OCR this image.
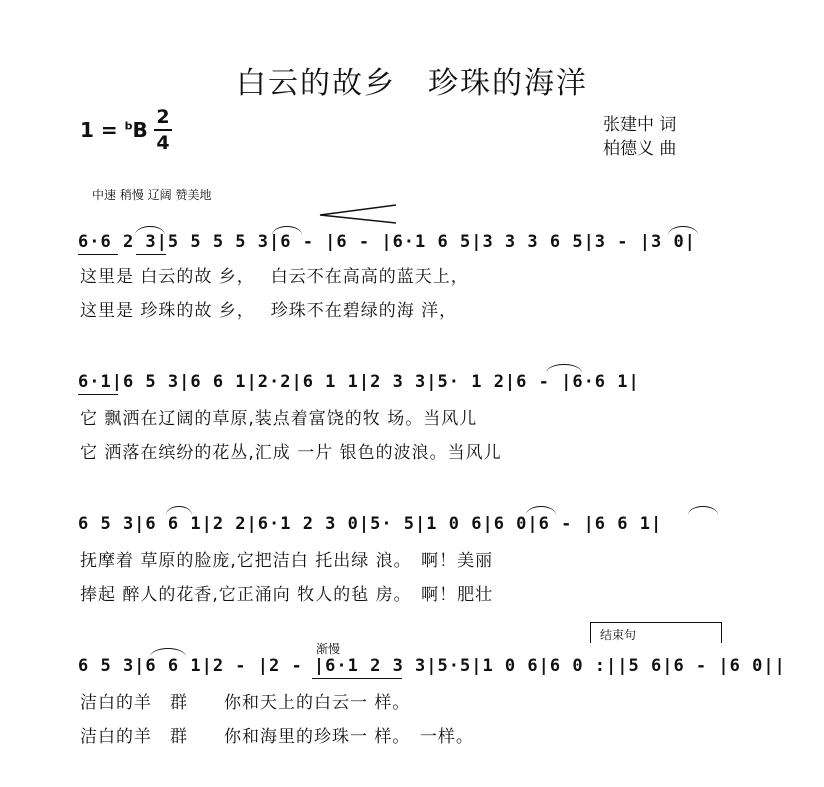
白云的故乡　珍珠的海洋
1 = $^b$B
2
4
张建中 词
柏德义 曲
中速 稍慢 辽阔 赞美地
6·6 2 3|5 5 5 5 3|6 - |6 - |6·1 6 5|3 3 3 6 5|3 - |3 0|
这里是 白云的故 乡，　 白云不在高高的蓝天上，
这里是 珍珠的故 乡，　 珍珠不在碧绿的海 洋，
6·1|6 5 3|6 6 1|2·2|6 1 1|2 3 3|5· 1 2|6 - |6·6 1|
它 飘洒在辽阔的草原,装点着富饶的牧 场。当风儿
它 洒落在缤纷的花丛,汇成 一片 银色的波浪。当风儿
6 5 3|6 6 1|2 2|6·1 2 3 0|5· 5|1 0 6|6 0|6 - |6 6 1|
抚摩着 草原的脸庞,它把洁白 托出绿 浪。　啊！美丽
捧起 醉人的花香,它正涌向 牧人的毡 房。　啊！肥壮
渐慢
结束句
6 5 3|6 6 1|2 - |2 - |6·1 2 3 3|5·5|1 0 6|6 0 :||5 6|6 - |6 0||
洁白的羊　群　　你和天上的白云一 样。
洁白的羊　群　　你和海里的珍珠一 样。　一样。
